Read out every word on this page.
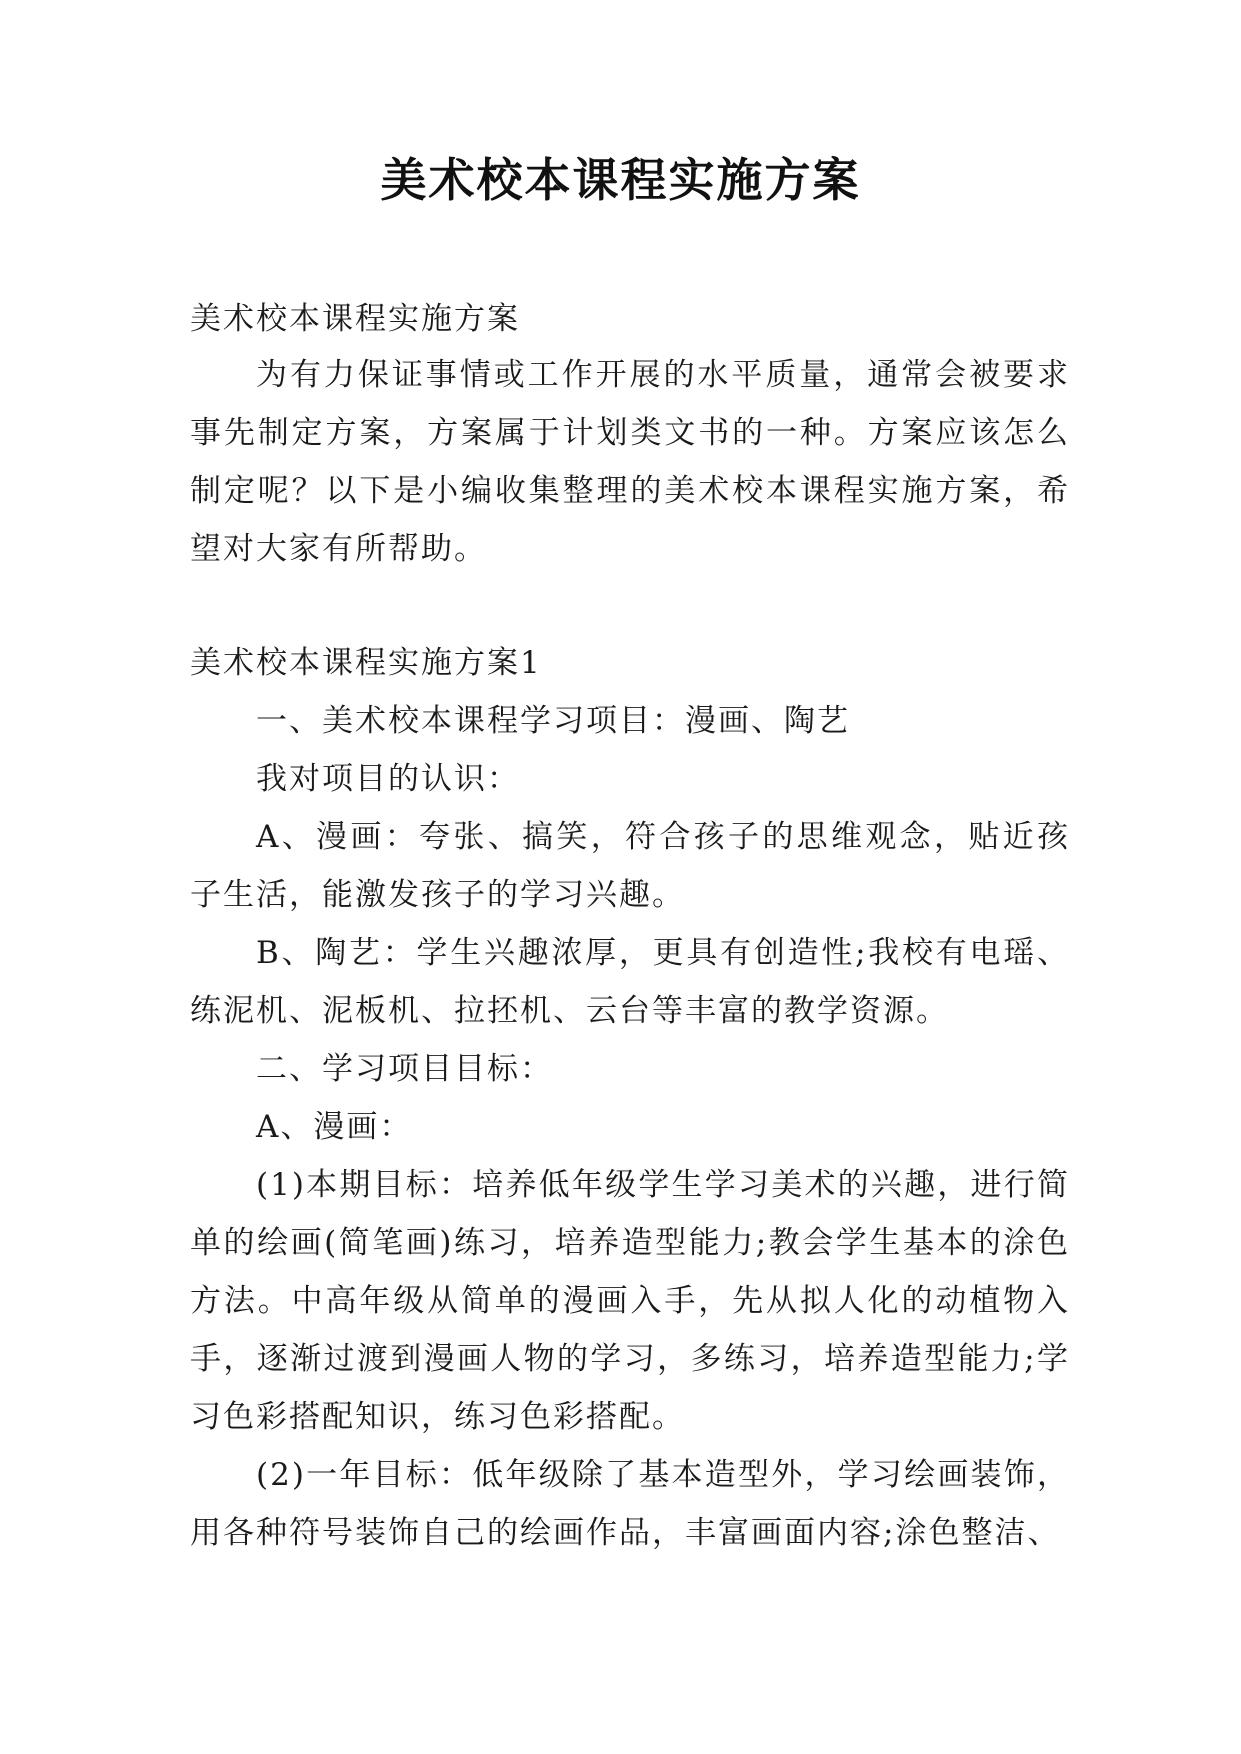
美术校本课程实施方案

美术校本课程实施方案

为有力保证事情或工作开展的水平质量，通常会被要求事先制定方案，方案属于计划类文书的一种。方案应该怎么制定呢？以下是小编收集整理的美术校本课程实施方案，希望对大家有所帮助。

美术校本课程实施方案1

一、美术校本课程学习项目：漫画、陶艺

我对项目的认识：

A、漫画：夸张、搞笑，符合孩子的思维观念，贴近孩子生活，能激发孩子的学习兴趣。

B、陶艺：学生兴趣浓厚，更具有创造性;我校有电瑶、练泥机、泥板机、拉抷机、云台等丰富的教学资源。

二、学习项目目标：

A、漫画：

(1)本期目标：培养低年级学生学习美术的兴趣，进行简单的绘画(简笔画)练习，培养造型能力;教会学生基本的涂色方法。中高年级从简单的漫画入手，先从拟人化的动植物入手，逐渐过渡到漫画人物的学习，多练习，培养造型能力;学习色彩搭配知识，练习色彩搭配。

(2)一年目标：低年级除了基本造型外，学习绘画装饰，用各种符号装饰自己的绘画作品，丰富画面内容;涂色整洁、
